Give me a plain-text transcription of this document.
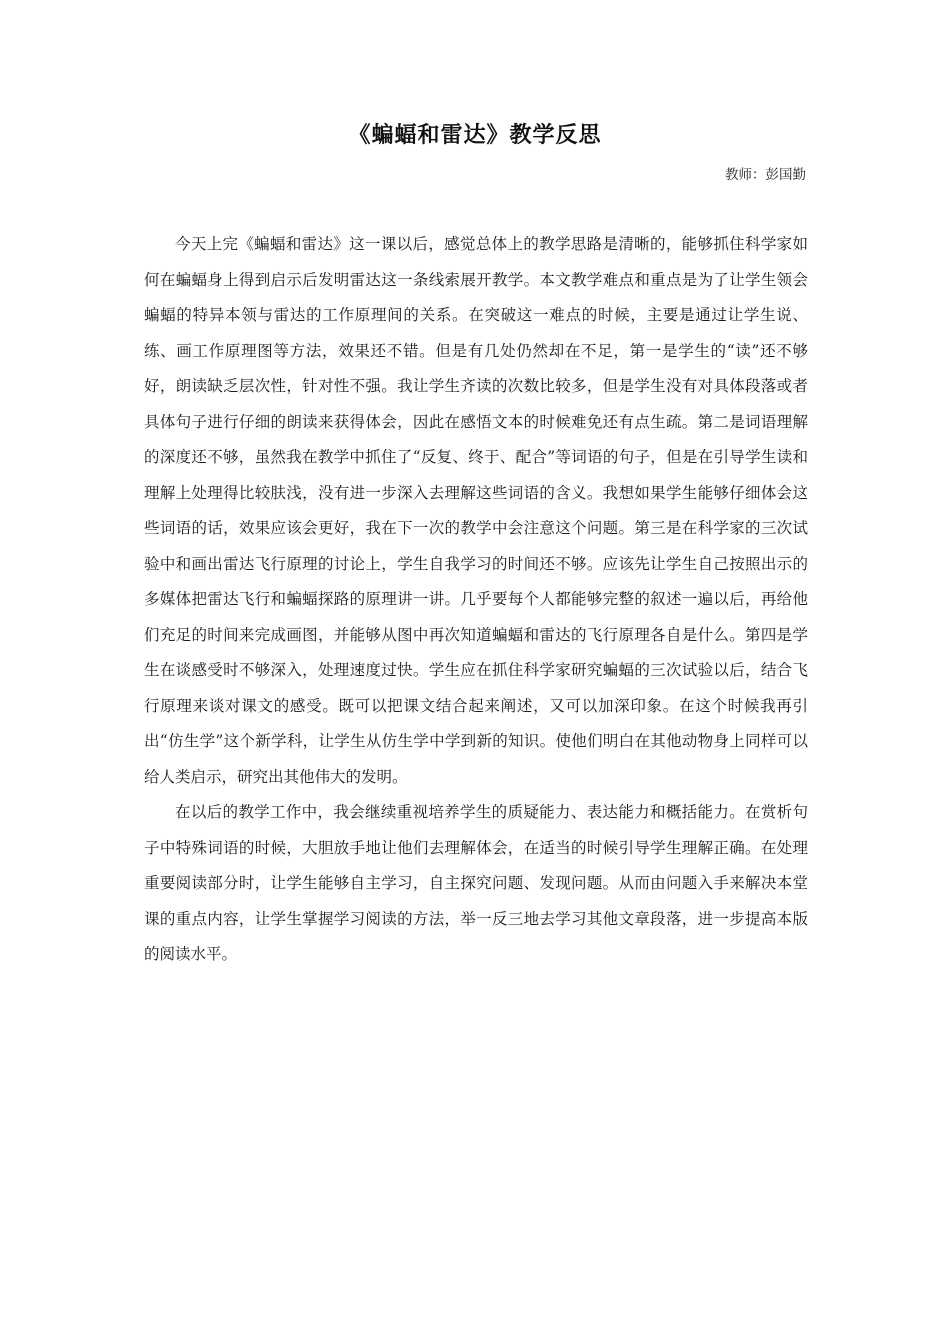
《蝙蝠和雷达》教学反思
教师：彭国勤

今天上完《蝙蝠和雷达》这一课以后，感觉总体上的教学思路是清晰的，能够抓住科学家如何在蝙蝠身上得到启示后发明雷达这一条线索展开教学。本文教学难点和重点是为了让学生领会蝙蝠的特异本领与雷达的工作原理间的关系。在突破这一难点的时候，主要是通过让学生说、练、画工作原理图等方法，效果还不错。但是有几处仍然却在不足，第一是学生的“读”还不够好，朗读缺乏层次性，针对性不强。我让学生齐读的次数比较多，但是学生没有对具体段落或者具体句子进行仔细的朗读来获得体会，因此在感悟文本的时候难免还有点生疏。第二是词语理解的深度还不够，虽然我在教学中抓住了“反复、终于、配合”等词语的句子，但是在引导学生读和理解上处理得比较肤浅，没有进一步深入去理解这些词语的含义。我想如果学生能够仔细体会这些词语的话，效果应该会更好，我在下一次的教学中会注意这个问题。第三是在科学家的三次试验中和画出雷达飞行原理的讨论上，学生自我学习的时间还不够。应该先让学生自己按照出示的多媒体把雷达飞行和蝙蝠探路的原理讲一讲。几乎要每个人都能够完整的叙述一遍以后，再给他们充足的时间来完成画图，并能够从图中再次知道蝙蝠和雷达的飞行原理各自是什么。第四是学生在谈感受时不够深入，处理速度过快。学生应在抓住科学家研究蝙蝠的三次试验以后，结合飞行原理来谈对课文的感受。既可以把课文结合起来阐述，又可以加深印象。在这个时候我再引出“仿生学”这个新学科，让学生从仿生学中学到新的知识。使他们明白在其他动物身上同样可以给人类启示，研究出其他伟大的发明。

在以后的教学工作中，我会继续重视培养学生的质疑能力、表达能力和概括能力。在赏析句子中特殊词语的时候，大胆放手地让他们去理解体会，在适当的时候引导学生理解正确。在处理重要阅读部分时，让学生能够自主学习，自主探究问题、发现问题。从而由问题入手来解决本堂课的重点内容，让学生掌握学习阅读的方法，举一反三地去学习其他文章段落，进一步提高本版的阅读水平。
